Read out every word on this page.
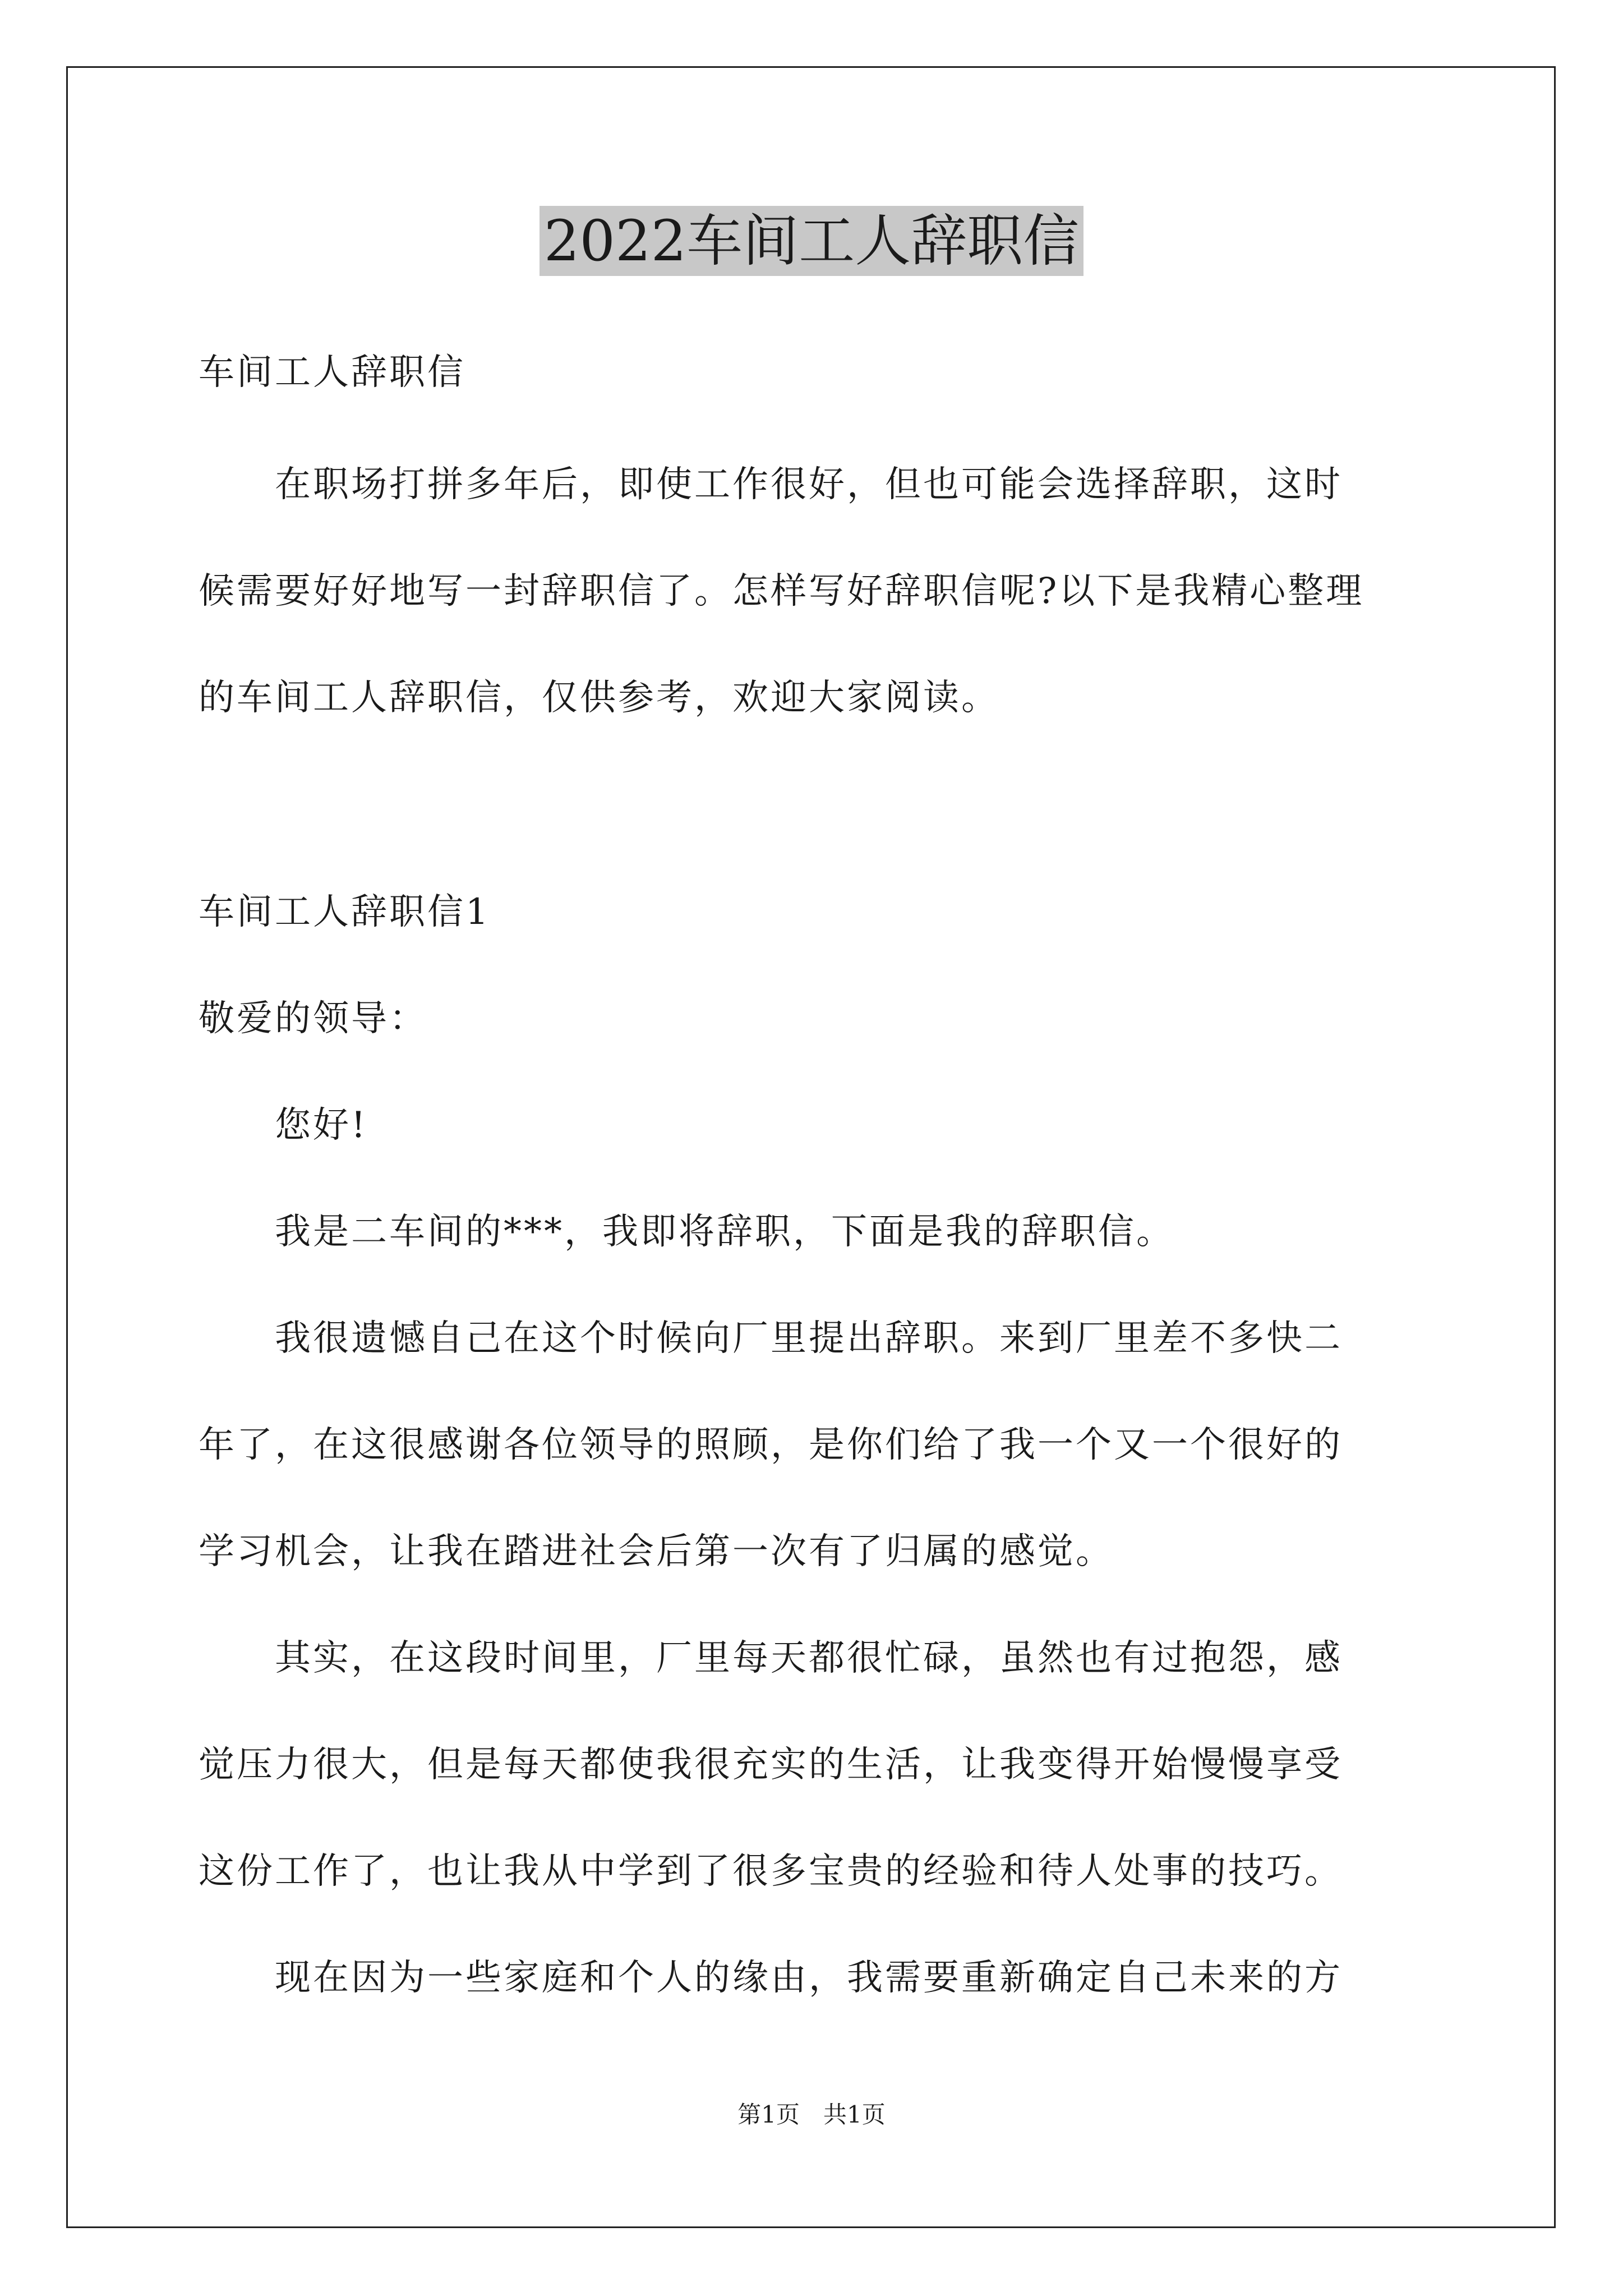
2022车间工人辞职信

车间工人辞职信

　　在职场打拼多年后，即使工作很好，但也可能会选择辞职，这时

候需要好好地写一封辞职信了。怎样写好辞职信呢?以下是我精心整理

的车间工人辞职信，仅供参考，欢迎大家阅读。

车间工人辞职信1

敬爱的领导：

　　您好!

　　我是二车间的***，我即将辞职，下面是我的辞职信。

　　我很遗憾自己在这个时候向厂里提出辞职。来到厂里差不多快二

年了，在这很感谢各位领导的照顾，是你们给了我一个又一个很好的

学习机会，让我在踏进社会后第一次有了归属的感觉。

　　其实，在这段时间里，厂里每天都很忙碌，虽然也有过抱怨，感

觉压力很大，但是每天都使我很充实的生活，让我变得开始慢慢享受

这份工作了，也让我从中学到了很多宝贵的经验和待人处事的技巧。

　　现在因为一些家庭和个人的缘由，我需要重新确定自己未来的方

第1页　共1页
